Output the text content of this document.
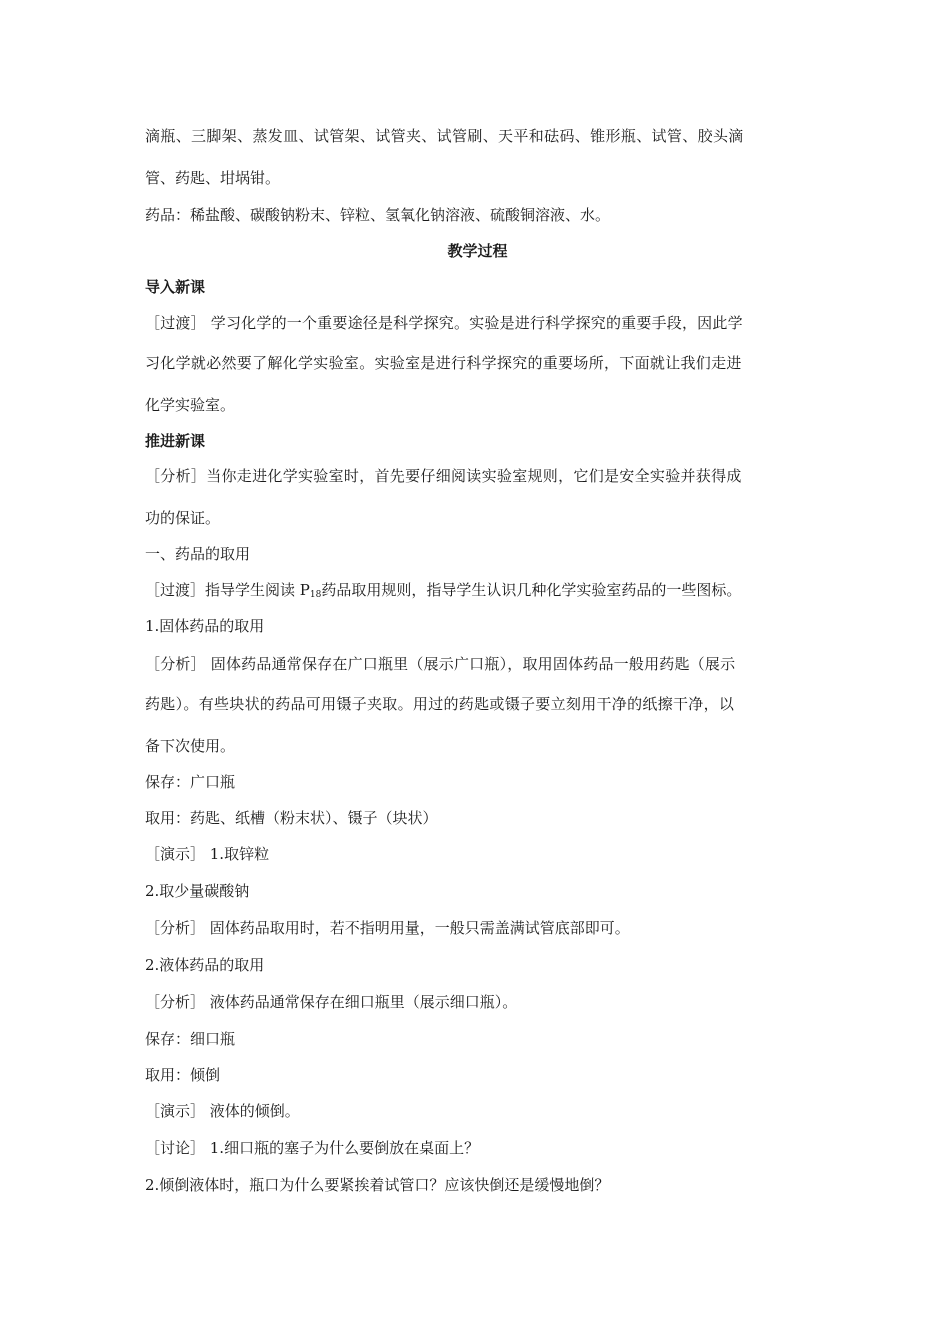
滴瓶、三脚架、蒸发皿、试管架、试管夹、试管刷、天平和砝码、锥形瓶、试管、胶头滴
管、药匙、坩埚钳。
药品：稀盐酸、碳酸钠粉末、锌粒、氢氧化钠溶液、硫酸铜溶液、水。
教学过程
导入新课
［过渡］ 学习化学的一个重要途径是科学探究。实验是进行科学探究的重要手段，因此学
习化学就必然要了解化学实验室。实验室是进行科学探究的重要场所，下面就让我们走进
化学实验室。
推进新课
［分析］当你走进化学实验室时，首先要仔细阅读实验室规则，它们是安全实验并获得成
功的保证。
一、药品的取用
［过渡］指导学生阅读 $P_{18}$药品取用规则，指导学生认识几种化学实验室药品的一些图标。
1.固体药品的取用
［分析］ 固体药品通常保存在广口瓶里（展示广口瓶），取用固体药品一般用药匙（展示
药匙）。有些块状的药品可用镊子夹取。用过的药匙或镊子要立刻用干净的纸擦干净，以
备下次使用。
保存：广口瓶
取用：药匙、纸槽（粉末状）、镊子（块状）
［演示］ 1.取锌粒
2.取少量碳酸钠
［分析］ 固体药品取用时，若不指明用量，一般只需盖满试管底部即可。
2.液体药品的取用
［分析］ 液体药品通常保存在细口瓶里（展示细口瓶）。
保存：细口瓶
取用：倾倒
［演示］ 液体的倾倒。
［讨论］ 1.细口瓶的塞子为什么要倒放在桌面上？
2.倾倒液体时，瓶口为什么要紧挨着试管口？应该快倒还是缓慢地倒？
